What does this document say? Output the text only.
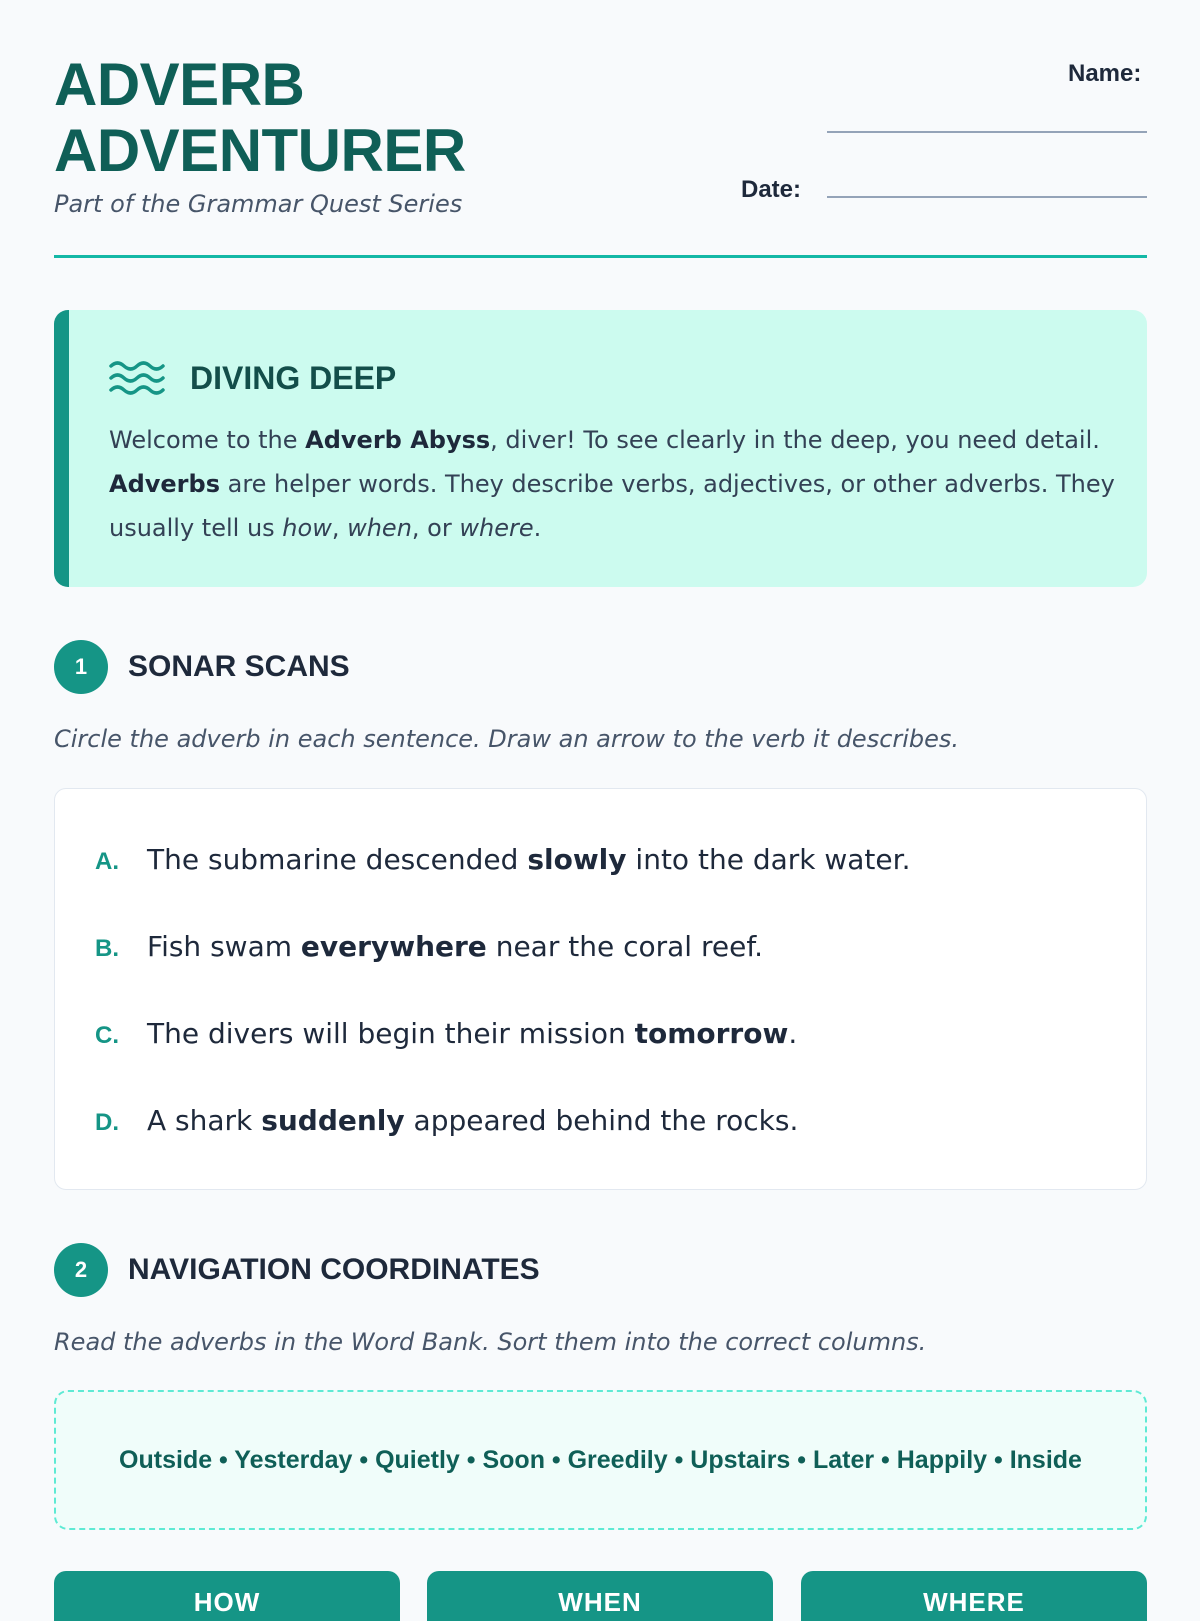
ADVERB
ADVENTURER
Part of the Grammar Quest Series
Name:
Date:
DIVING DEEP
Welcome to the Adverb Abyss, diver! To see clearly in the deep, you need detail. Adverbs are helper words. They describe verbs, adjectives, or other adverbs. They usually tell us how, when, or where.
1	SONAR SCANS
Circle the adverb in each sentence. Draw an arrow to the verb it describes.
A.	The submarine descended slowly into the dark water.
B.	Fish swam everywhere near the coral reef.
C.	The divers will begin their mission tomorrow.
D.	A shark suddenly appeared behind the rocks.
2	NAVIGATION COORDINATES
Read the adverbs in the Word Bank. Sort them into the correct columns.
Outside • Yesterday • Quietly • Soon • Greedily • Upstairs • Later • Happily • Inside
HOW	WHEN	WHERE
